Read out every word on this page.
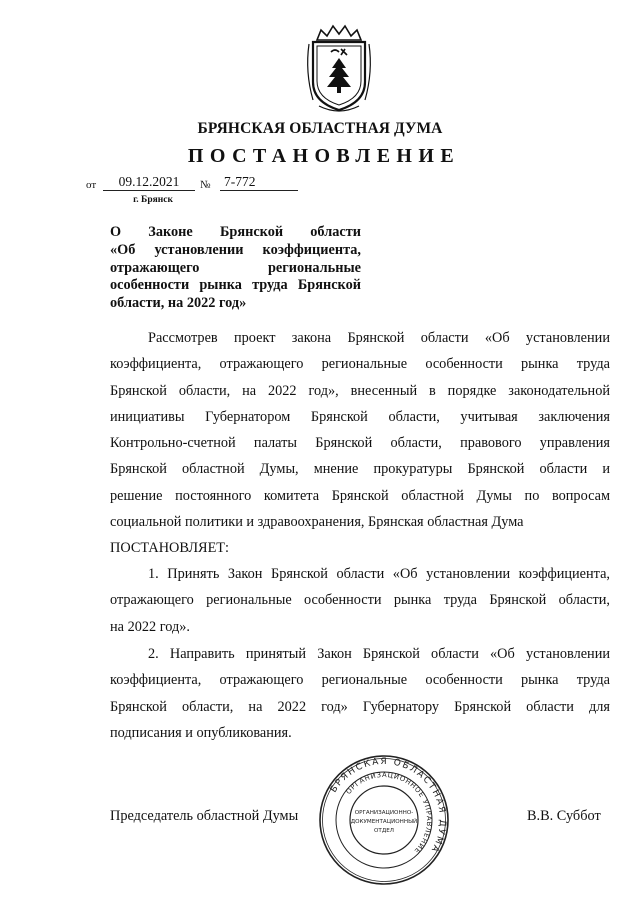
БРЯНСКАЯ ОБЛАСТНАЯ ДУМА
ПОСТАНОВЛЕНИЕ
от	09.12.2021	№ 7-772
г. Брянск
О Законе Брянской области
«Об установлении коэффициента,
отражающего региональные
особенности рынка труда Брянской
области, на 2022 год»
Рассмотрев проект закона Брянской области «Об установлении
коэффициента, отражающего региональные особенности рынка труда
Брянской области, на 2022 год», внесенный в порядке законодательной
инициативы Губернатором Брянской области, учитывая заключения
Контрольно-счетной палаты Брянской области, правового управления
Брянской областной Думы, мнение прокуратуры Брянской области и
решение постоянного комитета Брянской областной Думы по вопросам
социальной политики и здравоохранения, Брянская областная Дума
ПОСТАНОВЛЯЕТ:
1. Принять Закон Брянской области «Об установлении коэффициента,
отражающего региональные особенности рынка труда Брянской области,
на 2022 год».
2. Направить принятый Закон Брянской области «Об установлении
коэффициента, отражающего региональные особенности рынка труда
Брянской области, на 2022 год» Губернатору Брянской области для
подписания и опубликования.
Председатель областной Думы	В.В. Суббот
БРЯНСКАЯ ОБЛАСТНАЯ ДУМА
ОРГАНИЗАЦИОННОЕ УПРАВЛЕНИЕ
ОРГАНИЗАЦИОННО-
ДОКУМЕНТАЦИОННЫЙ
ОТДЕЛ
